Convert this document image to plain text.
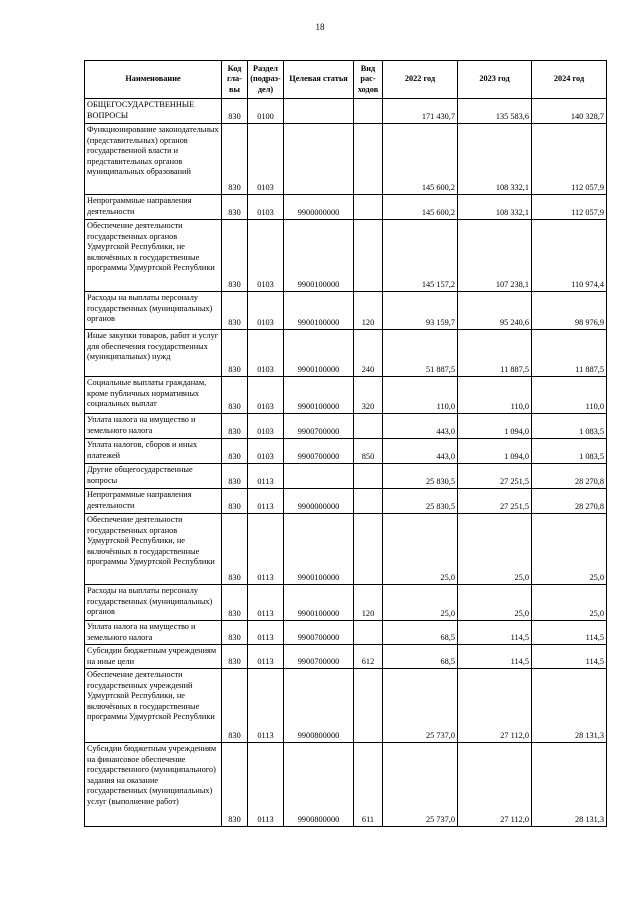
18
Наименование	Код гла-вы	Раздел (подраз-дел)	Целевая статья	Вид рас-ходов	2022 год	2023 год	2024 год
ОБЩЕГОСУДАРСТВЕННЫЕ ВОПРОСЫ	830	0100			171 430,7	135 583,6	140 328,7
Функционирование законодательных (представительных) органов государственной власти и представительных органов муниципальных образований	830	0103			145 600,2	108 332,1	112 057,9
Непрограммные направления деятельности	830	0103	9900000000		145 600,2	108 332,1	112 057,9
Обеспечение деятельности государственных органов Удмуртской Республики, не включённых в государственные программы Удмуртской Республики	830	0103	9900100000		145 157,2	107 238,1	110 974,4
Расходы на выплаты персоналу государственных (муниципальных) органов	830	0103	9900100000	120	93 159,7	95 240,6	98 976,9
Иные закупки товаров, работ и услуг для обеспечения государственных (муниципальных) нужд	830	0103	9900100000	240	51 887,5	11 887,5	11 887,5
Социальные выплаты гражданам, кроме публичных нормативных социальных выплат	830	0103	9900100000	320	110,0	110,0	110,0
Уплата налога на имущество и земельного налога	830	0103	9900700000		443,0	1 094,0	1 083,5
Уплата налогов, сборов и иных платежей	830	0103	9900700000	850	443,0	1 094,0	1 083,5
Другие общегосударственные вопросы	830	0113			25 830,5	27 251,5	28 270,8
Непрограммные направления деятельности	830	0113	9900000000		25 830,5	27 251,5	28 270,8
Обеспечение деятельности государственных органов Удмуртской Республики, не включённых в государственные программы Удмуртской Республики	830	0113	9900100000		25,0	25,0	25,0
Расходы на выплаты персоналу государственных (муниципальных) органов	830	0113	9900100000	120	25,0	25,0	25,0
Уплата налога на имущество и земельного налога	830	0113	9900700000		68,5	114,5	114,5
Субсидии бюджетным учреждениям на иные цели	830	0113	9900700000	612	68,5	114,5	114,5
Обеспечение деятельности государственных учреждений Удмуртской Республики, не включённых в государственные программы Удмуртской Республики	830	0113	9900800000		25 737,0	27 112,0	28 131,3
Субсидии бюджетным учреждениям на финансовое обеспечение государственного (муниципального) задания на оказание государственных (муниципальных) услуг (выполнение работ)	830	0113	9900800000	611	25 737,0	27 112,0	28 131,3
